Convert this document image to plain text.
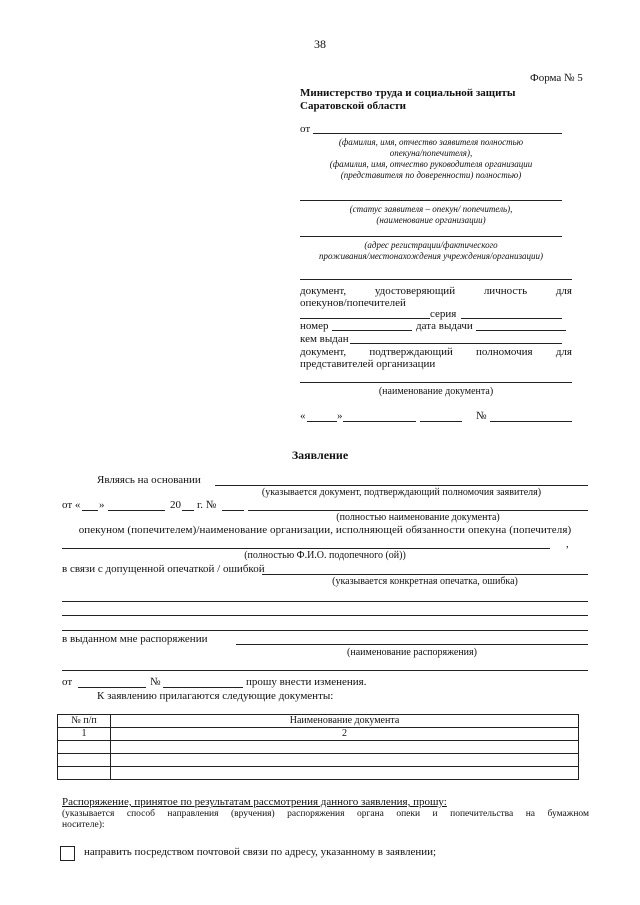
38
Форма № 5
Министерство труда и социальной защиты
Саратовской области
от
(фамилия, имя, отчество заявителя полностью
опекуна/попечителя),
(фамилия, имя, отчество руководителя организации
(представителя по доверенности) полностью)
(статус заявителя – опекун/ попечитель),
(наименование организации)
(адрес регистрации/фактического
проживания/местонахождения учреждения/организации)
документ,	удостоверяющий	личность	для
опекунов/попечителей
серия
номер	дата выдачи
кем выдан
документ, подтверждающий полномочия для
представителей организации
(наименование документа)
«	»	№
Заявление
Являясь на основании
(указывается документ, подтверждающий полномочия заявителя)
от « »	20 г. №
(полностью наименование документа)
опекуном (попечителем)/наименование организации, исполняющей обязанности опекуна (попечителя)
,
(полностью Ф.И.О. подопечного (ой))
в связи с допущенной опечаткой / ошибкой
(указывается конкретная опечатка, ошибка)
в выданном мне распоряжении
(наименование распоряжения)
от	№	прошу внести изменения.
К заявлению прилагаются следующие документы:
№ п/п	Наименование документа
1	2

Распоряжение, принятое по результатам рассмотрения данного заявления, прошу:
(указывается способ направления (вручения) распоряжения органа опеки и попечительства на бумажном
носителе):
направить посредством почтовой связи по адресу, указанному в заявлении;
